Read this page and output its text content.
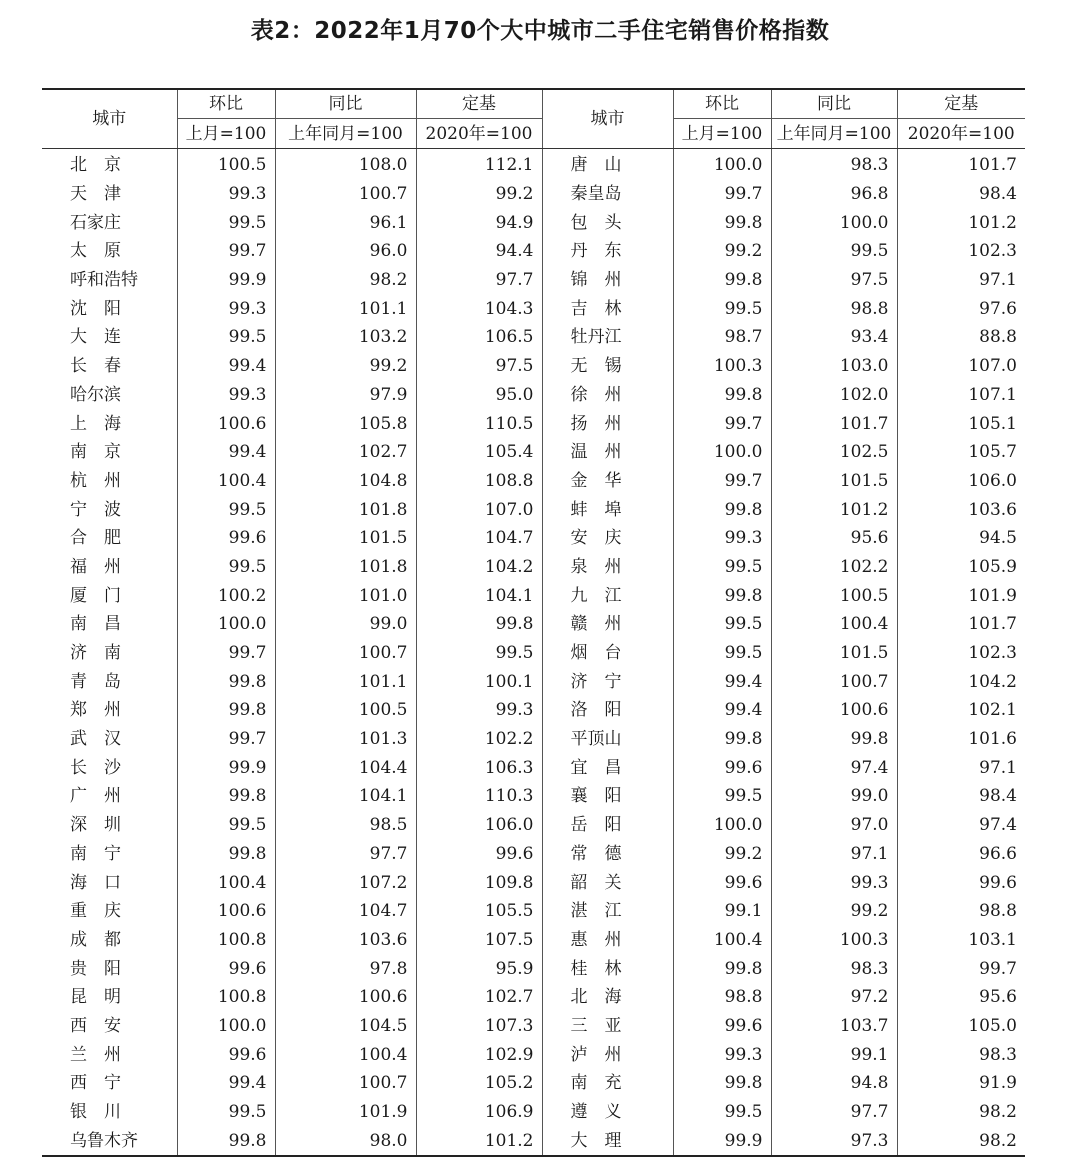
表2：2022年1月70个大中城市二手住宅销售价格指数
城市	环比	同比	定基	城市	环比	同比	定基
	上月=100	上年同月=100	2020年=100		上月=100	上年同月=100	2020年=100
北　京	100.5	108.0	112.1	唐　山	100.0	98.3	101.7
天　津	99.3	100.7	99.2	秦皇岛	99.7	96.8	98.4
石家庄	99.5	96.1	94.9	包　头	99.8	100.0	101.2
太　原	99.7	96.0	94.4	丹　东	99.2	99.5	102.3
呼和浩特	99.9	98.2	97.7	锦　州	99.8	97.5	97.1
沈　阳	99.3	101.1	104.3	吉　林	99.5	98.8	97.6
大　连	99.5	103.2	106.5	牡丹江	98.7	93.4	88.8
长　春	99.4	99.2	97.5	无　锡	100.3	103.0	107.0
哈尔滨	99.3	97.9	95.0	徐　州	99.8	102.0	107.1
上　海	100.6	105.8	110.5	扬　州	99.7	101.7	105.1
南　京	99.4	102.7	105.4	温　州	100.0	102.5	105.7
杭　州	100.4	104.8	108.8	金　华	99.7	101.5	106.0
宁　波	99.5	101.8	107.0	蚌　埠	99.8	101.2	103.6
合　肥	99.6	101.5	104.7	安　庆	99.3	95.6	94.5
福　州	99.5	101.8	104.2	泉　州	99.5	102.2	105.9
厦　门	100.2	101.0	104.1	九　江	99.8	100.5	101.9
南　昌	100.0	99.0	99.8	赣　州	99.5	100.4	101.7
济　南	99.7	100.7	99.5	烟　台	99.5	101.5	102.3
青　岛	99.8	101.1	100.1	济　宁	99.4	100.7	104.2
郑　州	99.8	100.5	99.3	洛　阳	99.4	100.6	102.1
武　汉	99.7	101.3	102.2	平顶山	99.8	99.8	101.6
长　沙	99.9	104.4	106.3	宜　昌	99.6	97.4	97.1
广　州	99.8	104.1	110.3	襄　阳	99.5	99.0	98.4
深　圳	99.5	98.5	106.0	岳　阳	100.0	97.0	97.4
南　宁	99.8	97.7	99.6	常　德	99.2	97.1	96.6
海　口	100.4	107.2	109.8	韶　关	99.6	99.3	99.6
重　庆	100.6	104.7	105.5	湛　江	99.1	99.2	98.8
成　都	100.8	103.6	107.5	惠　州	100.4	100.3	103.1
贵　阳	99.6	97.8	95.9	桂　林	99.8	98.3	99.7
昆　明	100.8	100.6	102.7	北　海	98.8	97.2	95.6
西　安	100.0	104.5	107.3	三　亚	99.6	103.7	105.0
兰　州	99.6	100.4	102.9	泸　州	99.3	99.1	98.3
西　宁	99.4	100.7	105.2	南　充	99.8	94.8	91.9
银　川	99.5	101.9	106.9	遵　义	99.5	97.7	98.2
乌鲁木齐	99.8	98.0	101.2	大　理	99.9	97.3	98.2
